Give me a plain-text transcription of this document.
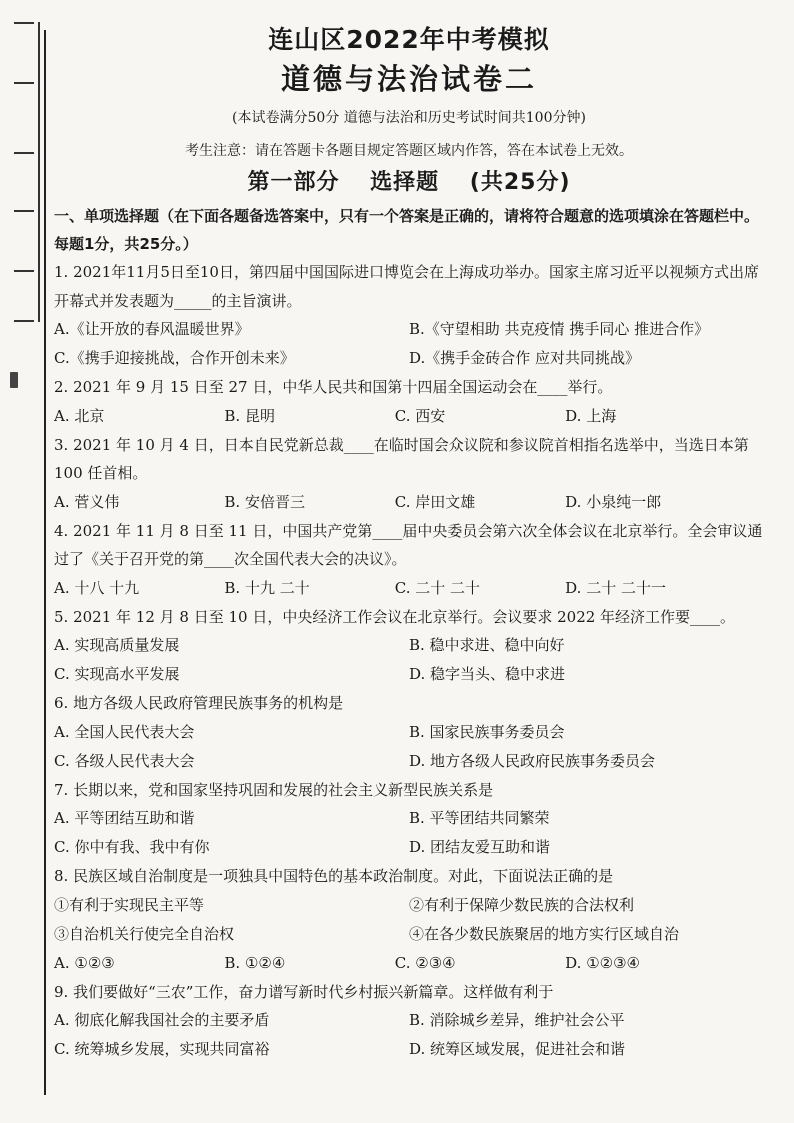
连山区2022年中考模拟
道德与法治试卷二
(本试卷满分50分 道德与法治和历史考试时间共100分钟)
考生注意：请在答题卡各题目规定答题区域内作答，答在本试卷上无效。
第一部分 选择题 (共25分)
一、单项选择题（在下面各题备选答案中，只有一个答案是正确的，请将符合题意的选项填涂在答题栏中。每题1分，共25分。）
1. 2021年11月5日至10日，第四届中国国际进口博览会在上海成功举办。国家主席习近平以视频方式出席开幕式并发表题为_____的主旨演讲。
A.《让开放的春风温暖世界》	B.《守望相助 共克疫情 携手同心 推进合作》
C.《携手迎接挑战，合作开创未来》	D.《携手金砖合作 应对共同挑战》
2. 2021 年 9 月 15 日至 27 日，中华人民共和国第十四届全国运动会在____举行。
A. 北京	B. 昆明	C. 西安	D. 上海
3. 2021 年 10 月 4 日，日本自民党新总裁____在临时国会众议院和参议院首相指名选举中，当选日本第 100 任首相。
A. 菅义伟	B. 安倍晋三	C. 岸田文雄	D. 小泉纯一郎
4. 2021 年 11 月 8 日至 11 日，中国共产党第____届中央委员会第六次全体会议在北京举行。全会审议通过了《关于召开党的第____次全国代表大会的决议》。
A. 十八 十九	B. 十九 二十	C. 二十 二十	D. 二十 二十一
5. 2021 年 12 月 8 日至 10 日，中央经济工作会议在北京举行。会议要求 2022 年经济工作要____。
A. 实现高质量发展	B. 稳中求进、稳中向好
C. 实现高水平发展	D. 稳字当头、稳中求进
6. 地方各级人民政府管理民族事务的机构是
A. 全国人民代表大会	B. 国家民族事务委员会
C. 各级人民代表大会	D. 地方各级人民政府民族事务委员会
7. 长期以来，党和国家坚持巩固和发展的社会主义新型民族关系是
A. 平等团结互助和谐	B. 平等团结共同繁荣
C. 你中有我、我中有你	D. 团结友爱互助和谐
8. 民族区域自治制度是一项独具中国特色的基本政治制度。对此，下面说法正确的是
①有利于实现民主平等	②有利于保障少数民族的合法权利
③自治机关行使完全自治权	④在各少数民族聚居的地方实行区域自治
A. ①②③	B. ①②④	C. ②③④	D. ①②③④
9. 我们要做好“三农”工作，奋力谱写新时代乡村振兴新篇章。这样做有利于
A. 彻底化解我国社会的主要矛盾	B. 消除城乡差异，维护社会公平
C. 统筹城乡发展，实现共同富裕	D. 统筹区域发展，促进社会和谐
